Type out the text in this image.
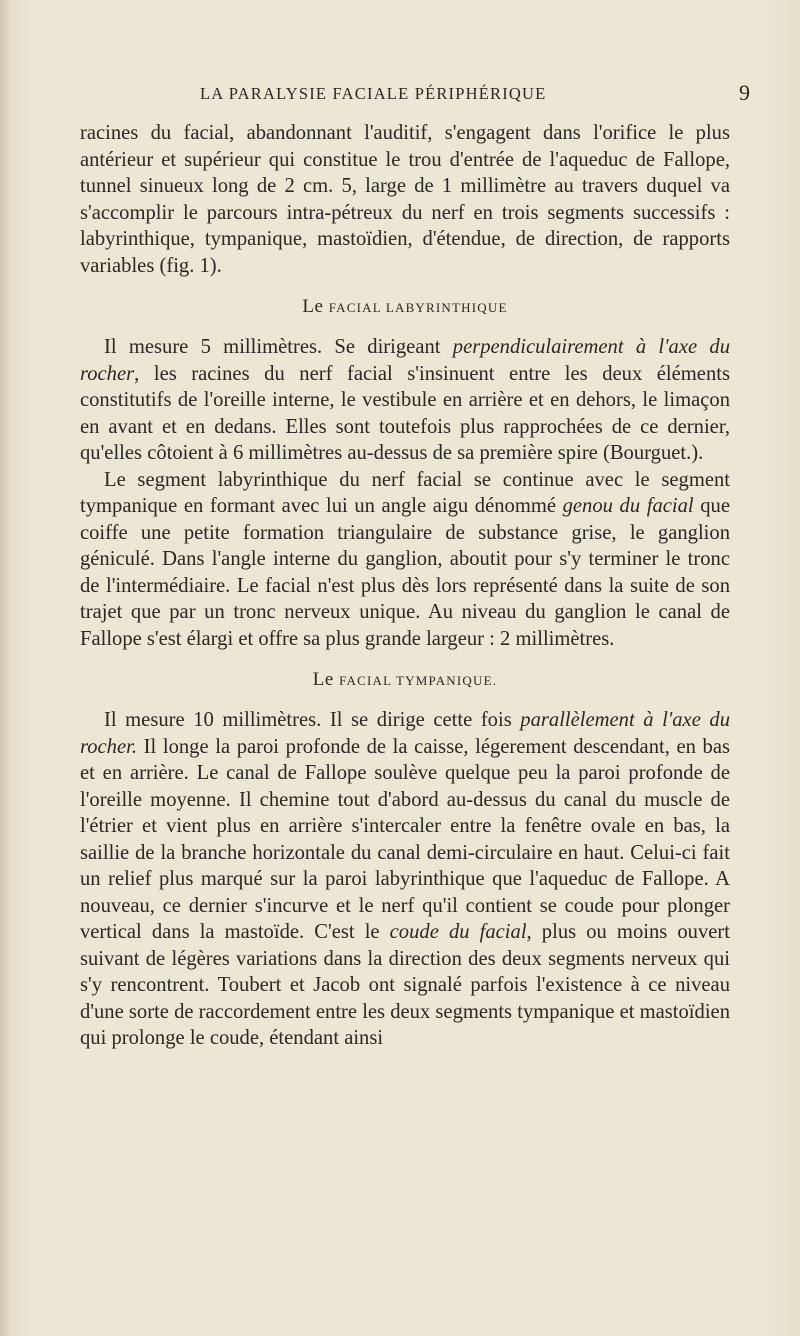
LA PARALYSIE FACIALE PÉRIPHÉRIQUE	9

racines du facial, abandonnant l'auditif, s'engagent dans l'orifice le plus antérieur et supérieur qui constitue le trou d'entrée de l'aqueduc de Fallope, tunnel sinueux long de 2 cm. 5, large de 1 millimètre au travers duquel va s'accomplir le parcours intra-pétreux du nerf en trois segments successifs : labyrinthique, tympanique, mastoïdien, d'étendue, de direction, de rapports variables (fig. 1).

Le FACIAL LABYRINTHIQUE

Il mesure 5 millimètres. Se dirigeant perpendiculairement à l'axe du rocher, les racines du nerf facial s'insinuent entre les deux éléments constitutifs de l'oreille interne, le vestibule en arrière et en dehors, le limaçon en avant et en dedans. Elles sont toutefois plus rapprochées de ce dernier, qu'elles côtoient à 6 millimètres au-dessus de sa première spire (Bourguet.).

Le segment labyrinthique du nerf facial se continue avec le segment tympanique en formant avec lui un angle aigu dénommé genou du facial que coiffe une petite formation triangulaire de substance grise, le ganglion géniculé. Dans l'angle interne du ganglion, aboutit pour s'y terminer le tronc de l'intermédiaire. Le facial n'est plus dès lors représenté dans la suite de son trajet que par un tronc nerveux unique. Au niveau du ganglion le canal de Fallope s'est élargi et offre sa plus grande largeur : 2 millimètres.

Le FACIAL TYMPANIQUE.

Il mesure 10 millimètres. Il se dirige cette fois parallèlement à l'axe du rocher. Il longe la paroi profonde de la caisse, légerement descendant, en bas et en arrière. Le canal de Fallope soulève quelque peu la paroi profonde de l'oreille moyenne. Il chemine tout d'abord au-dessus du canal du muscle de l'étrier et vient plus en arrière s'intercaler entre la fenêtre ovale en bas, la saillie de la branche horizontale du canal demi-circulaire en haut. Celui-ci fait un relief plus marqué sur la paroi labyrinthique que l'aqueduc de Fallope. A nouveau, ce dernier s'incurve et le nerf qu'il contient se coude pour plonger vertical dans la mastoïde. C'est le coude du facial, plus ou moins ouvert suivant de légères variations dans la direction des deux segments nerveux qui s'y rencontrent. Toubert et Jacob ont signalé parfois l'existence à ce niveau d'une sorte de raccordement entre les deux segments tympanique et mastoïdien qui prolonge le coude, étendant ainsi
